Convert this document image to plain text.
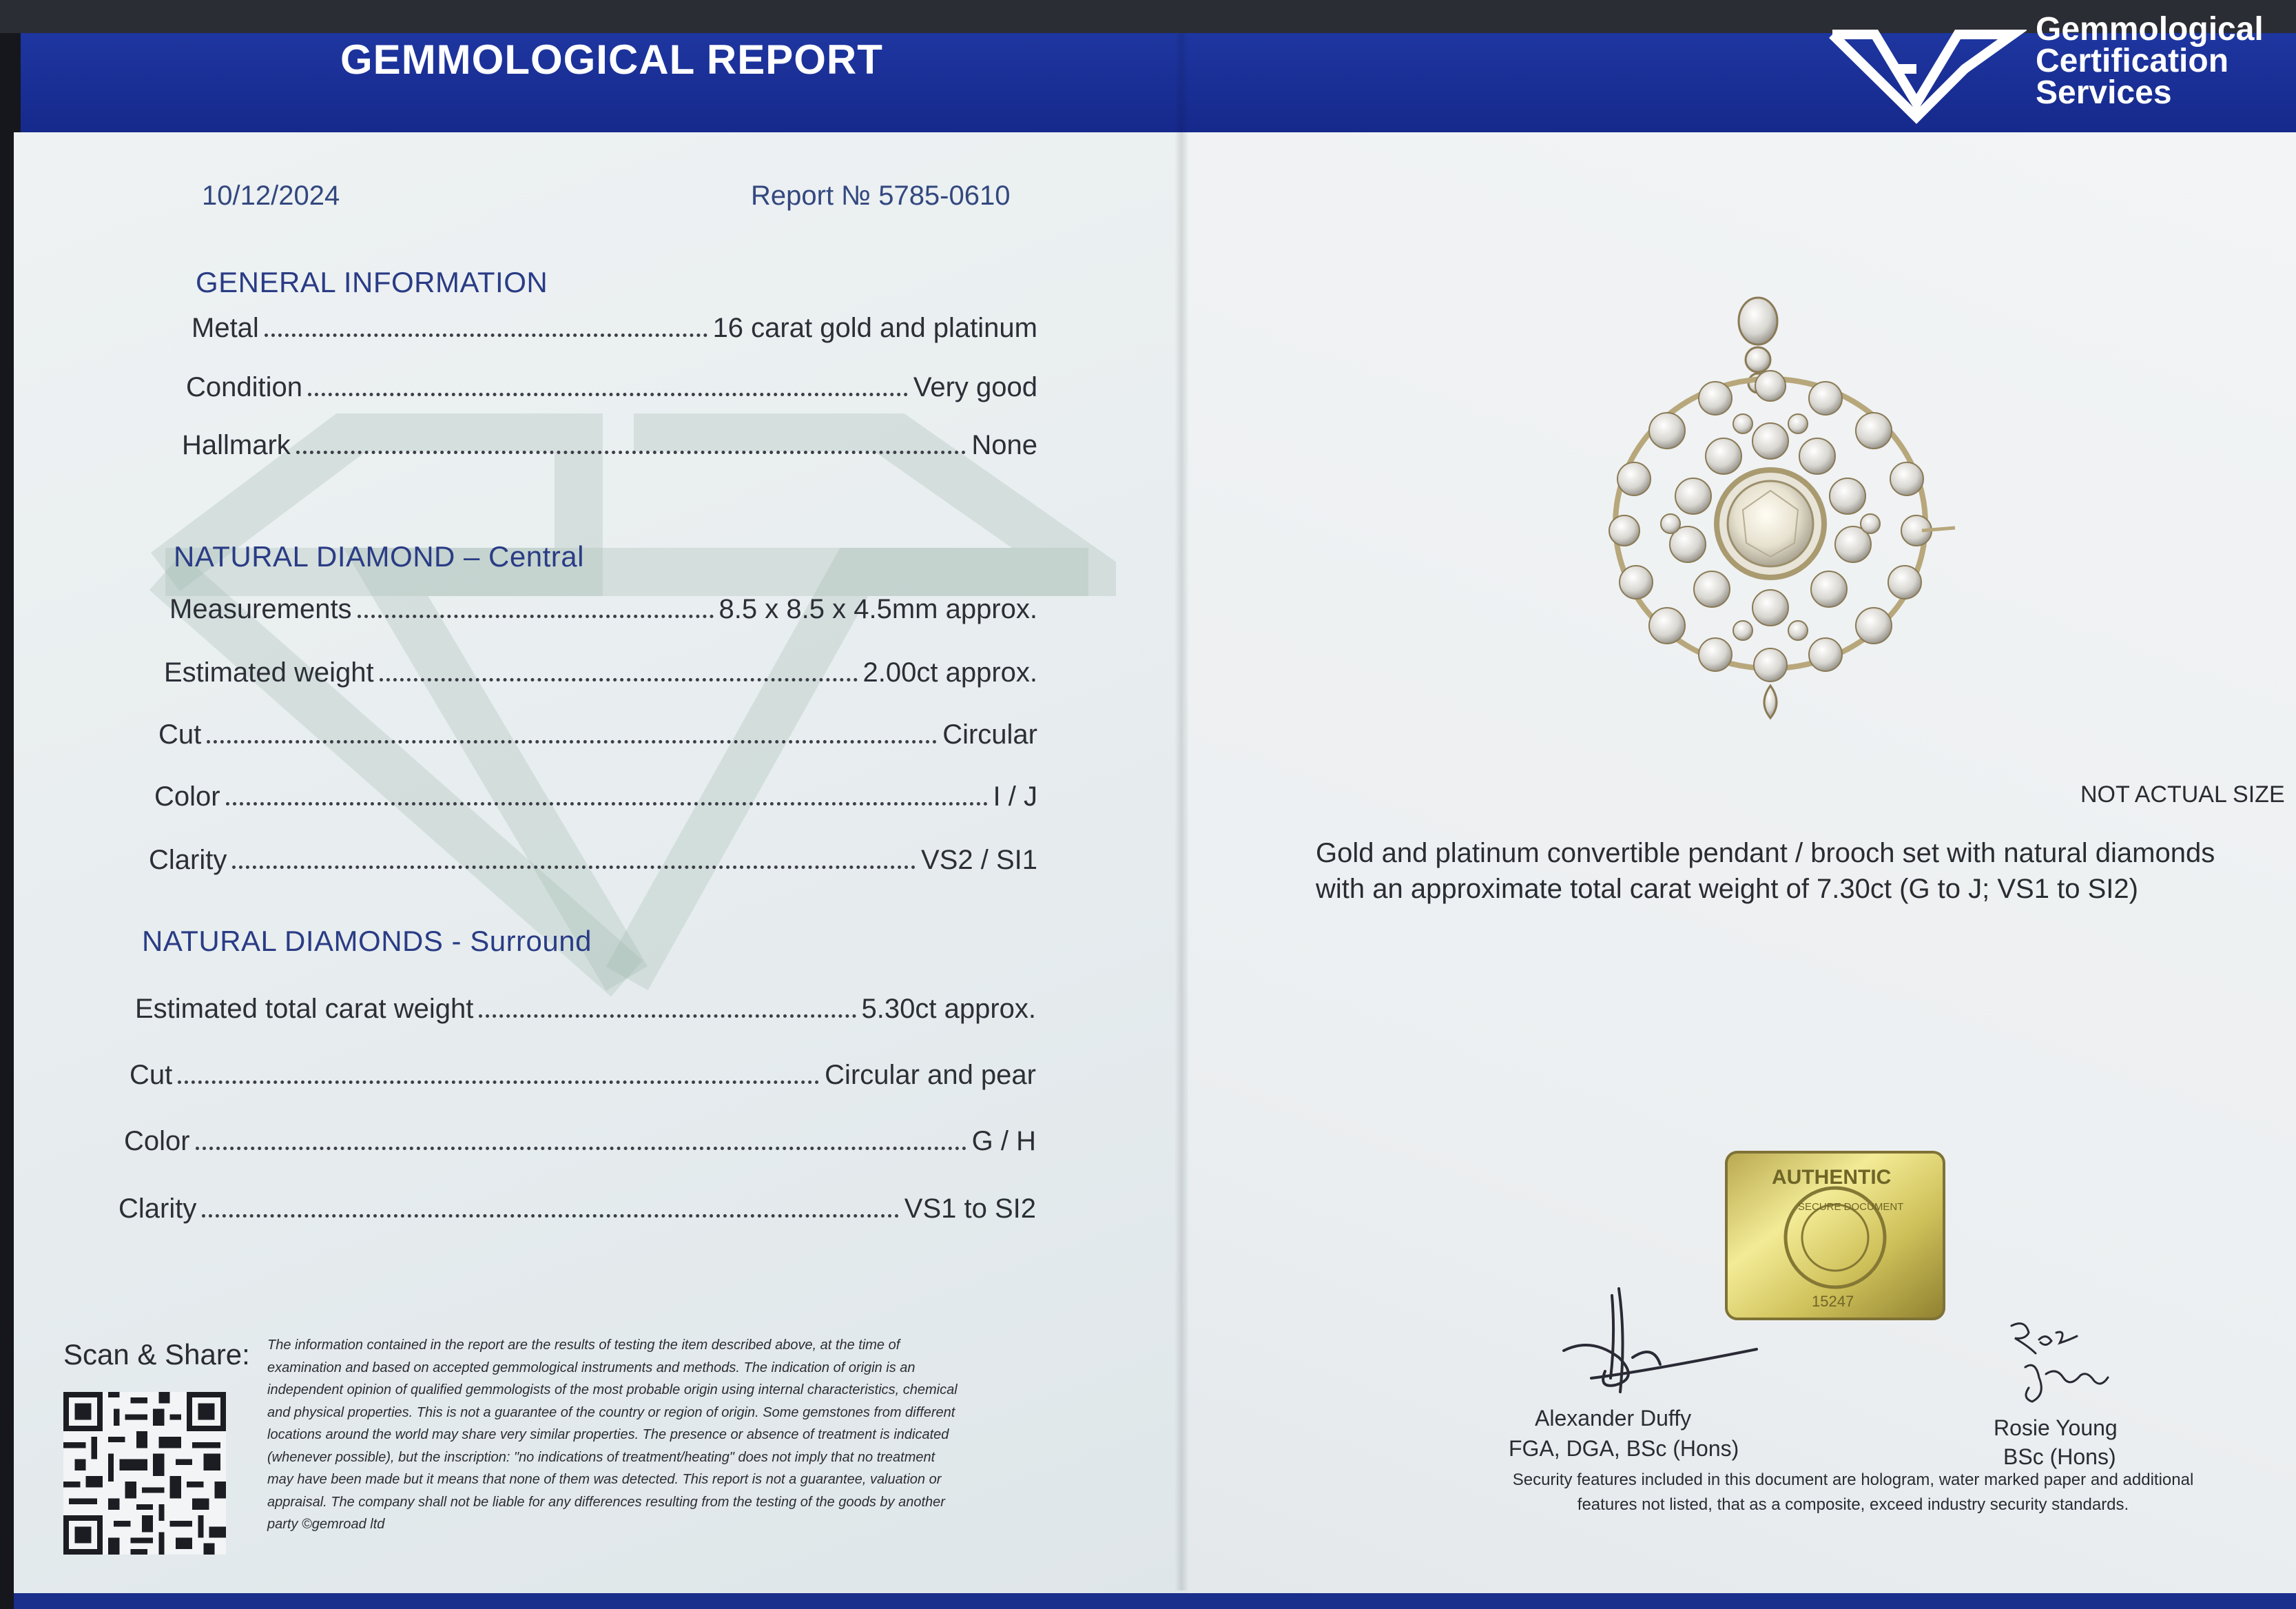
GEMMOLOGICAL REPORT
Gemmological
Certification
Services
10/12/2024	Report № 5785-0610
GENERAL INFORMATION
Metal	16 carat gold and platinum
Condition	Very good
Hallmark	None
NATURAL DIAMOND – Central
Measurements	8.5 x 8.5 x 4.5mm approx.
Estimated weight	2.00ct approx.
Cut	Circular
Color	I / J
Clarity	VS2 / SI1
NATURAL DIAMONDS - Surround
Estimated total carat weight	5.30ct approx.
Cut	Circular and pear
Color	G / H
Clarity	VS1 to SI2
Scan & Share: The information contained in the report are the results of testing the item described above, at the time of
examination and based on accepted gemmological instruments and methods. The indication of origin is an
independent opinion of qualified gemmologists of the most probable origin using internal characteristics, chemical
and physical properties. This is not a guarantee of the country or region of origin. Some gemstones from different
locations around the world may share very similar properties. The presence or absence of treatment is indicated
(whenever possible), but the inscription: "no indications of treatment/heating" does not imply that no treatment
may have been made but it means that none of them was detected. This report is not a guarantee, valuation or
appraisal. The company shall not be liable for any differences resulting from the testing of the goods by another
party ©gemroad ltd
NOT ACTUAL SIZE
Gold and platinum convertible pendant / brooch set with natural diamonds
with an approximate total carat weight of 7.30ct (G to J; VS1 to SI2)
AUTHENTIC
SECURE DOCUMENT
15247
Alexander Duffy
FGA, DGA, BSc (Hons)
Rosie Young
BSc (Hons)
Security features included in this document are hologram, water marked paper and additional
features not listed, that as a composite, exceed industry security standards.
